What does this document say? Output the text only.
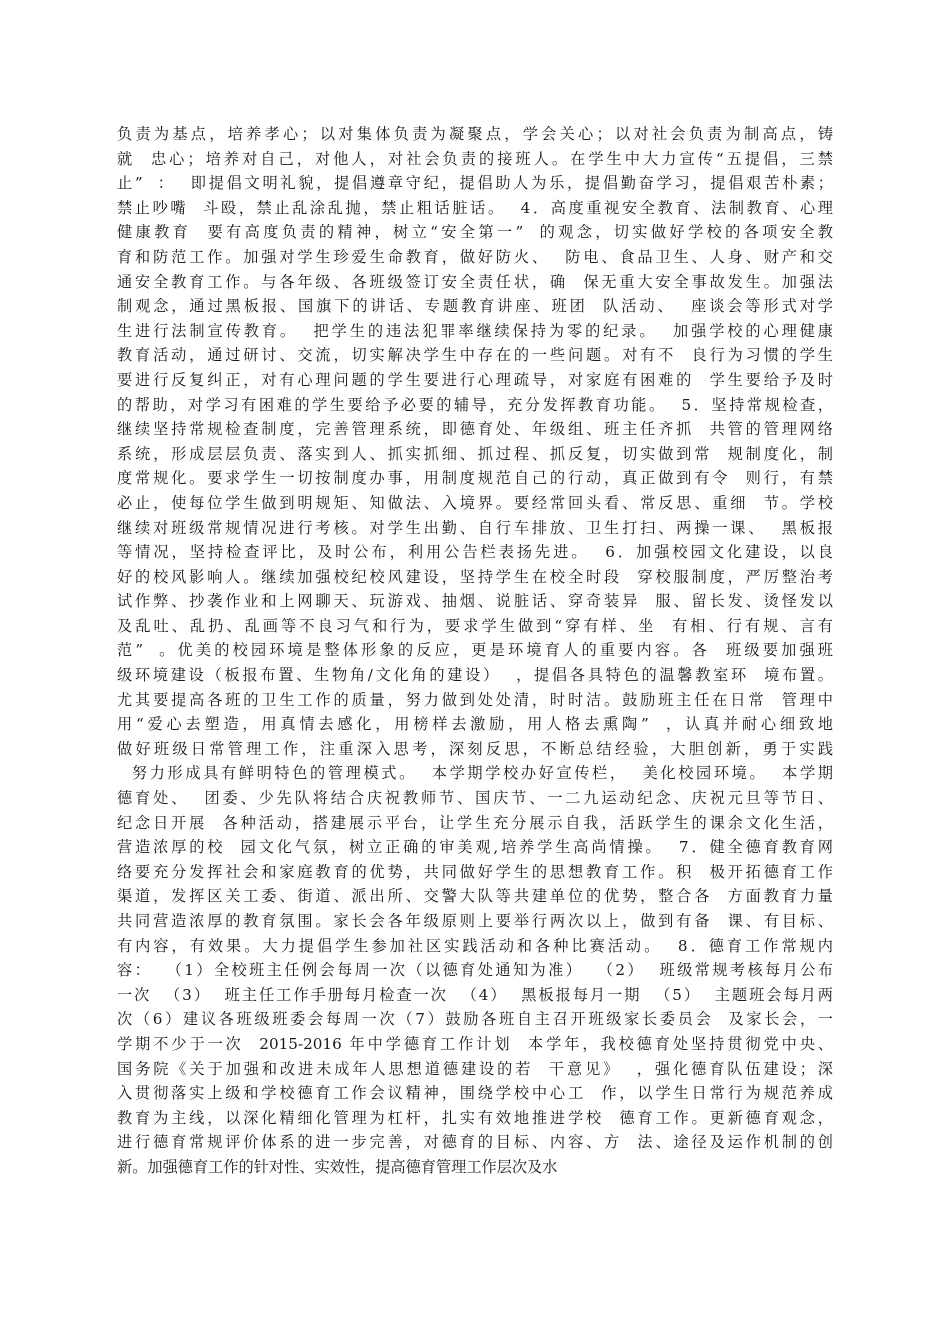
负责为基点，培养孝心；以对集体负责为凝聚点，学会关心；以对社会负责为制高点，铸
就  忠心；培养对自己，对他人，对社会负责的接班人。在学生中大力宣传“五提倡，三禁
止”  ：  即提倡文明礼貌，提倡遵章守纪，提倡助人为乐，提倡勤奋学习，提倡艰苦朴素；
禁止吵嘴  斗殴，禁止乱涂乱抛，禁止粗话脏话。  4．高度重视安全教育、法制教育、心理
健康教育  要有高度负责的精神，树立“安全第一”  的观念，切实做好学校的各项安全教
育和防范工作。加强对学生珍爱生命教育，做好防火、  防电、食品卫生、人身、财产和交
通安全教育工作。与各年级、各班级签订安全责任状，确  保无重大安全事故发生。加强法
制观念，通过黑板报、国旗下的讲话、专题教育讲座、班团  队活动、  座谈会等形式对学
生进行法制宣传教育。  把学生的违法犯罪率继续保持为零的纪录。  加强学校的心理健康
教育活动，通过研讨、交流，切实解决学生中存在的一些问题。对有不  良行为习惯的学生
要进行反复纠正，对有心理问题的学生要进行心理疏导，对家庭有困难的  学生要给予及时
的帮助，对学习有困难的学生要给予必要的辅导，充分发挥教育功能。  5．坚持常规检查，
继续坚持常规检查制度，完善管理系统，即德育处、年级组、班主任齐抓  共管的管理网络
系统，形成层层负责、落实到人、抓实抓细、抓过程、抓反复，切实做到常  规制度化，制
度常规化。要求学生一切按制度办事，用制度规范自己的行动，真正做到有令  则行，有禁
必止，使每位学生做到明规矩、知做法、入境界。要经常回头看、常反思、重细  节。学校
继续对班级常规情况进行考核。对学生出勤、自行车排放、卫生打扫、两操一课、  黑板报
等情况，坚持检查评比，及时公布，利用公告栏表扬先进。  6．加强校园文化建设，以良
好的校风影响人。继续加强校纪校风建设，坚持学生在校全时段  穿校服制度，严厉整治考
试作弊、抄袭作业和上网聊天、玩游戏、抽烟、说脏话、穿奇装异  服、留长发、烫怪发以
及乱吐、乱扔、乱画等不良习气和行为，要求学生做到“穿有样、坐  有相、行有规、言有
范”  。优美的校园环境是整体形象的反应，更是环境育人的重要内容。各  班级要加强班
级环境建设（板报布置、生物角/文化角的建设）  ，提倡各具特色的温馨教室环  境布置。
尤其要提高各班的卫生工作的质量，努力做到处处清，时时洁。鼓励班主任在日常  管理中
用“爱心去塑造，用真情去感化，用榜样去激励，用人格去熏陶”  ，认真并耐心细致地
做好班级日常管理工作，注重深入思考，深刻反思，不断总结经验，大胆创新，勇于实践
努力形成具有鲜明特色的管理模式。  本学期学校办好宣传栏，  美化校园环境。  本学期
德育处、  团委、少先队将结合庆祝教师节、国庆节、一二九运动纪念、庆祝元旦等节日、
纪念日开展  各种活动，搭建展示平台，让学生充分展示自我，活跃学生的课余文化生活，
营造浓厚的校  园文化气氛，树立正确的审美观,培养学生高尚情操。  7．健全德育教育网
络要充分发挥社会和家庭教育的优势，共同做好学生的思想教育工作。积  极开拓德育工作
渠道，发挥区关工委、街道、派出所、交警大队等共建单位的优势，整合各  方面教育力量
共同营造浓厚的教育氛围。家长会各年级原则上要举行两次以上，做到有备  课、有目标、
有内容，有效果。大力提倡学生参加社区实践活动和各种比赛活动。  8．德育工作常规内
容：  （1）全校班主任例会每周一次（以德育处通知为准）  （2）  班级常规考核每月公布
一次  （3）  班主任工作手册每月检查一次  （4）  黑板报每月一期  （5）  主题班会每月两
次（6）建议各班级班委会每周一次（7）鼓励各班自主召开班级家长委员会  及家长会，一
学期不少于一次  2015-2016 年中学德育工作计划  本学年，我校德育处坚持贯彻党中央、
国务院《关于加强和改进未成年人思想道德建设的若  干意见》  ，强化德育队伍建设；深
入贯彻落实上级和学校德育工作会议精神，围绕学校中心工  作，以学生日常行为规范养成
教育为主线，以深化精细化管理为杠杆，扎实有效地推进学校  德育工作。更新德育观念，
进行德育常规评价体系的进一步完善，对德育的目标、内容、方  法、途径及运作机制的创
新。加强德育工作的针对性、实效性，提高德育管理工作层次及水
